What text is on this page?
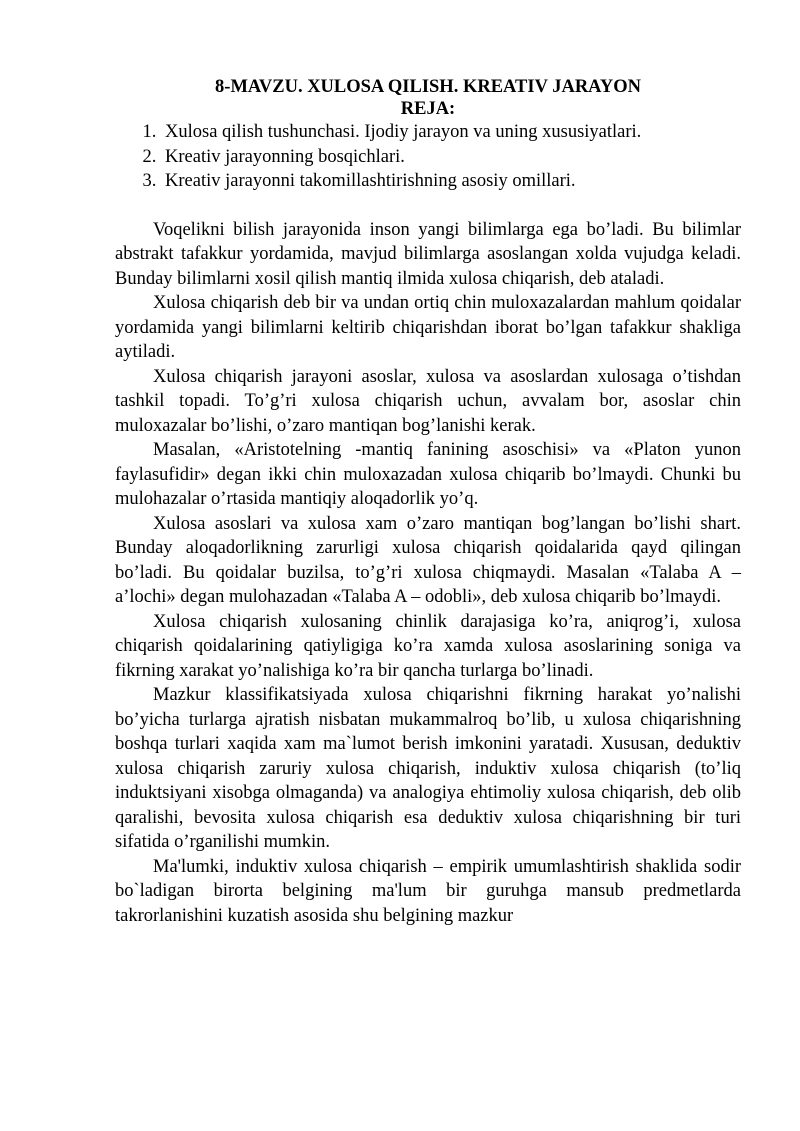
8-MAVZU. XULOSA QILISH. KREATIV JARAYON
REJA:
1. Xulosa qilish tushunchasi. Ijodiy jarayon va uning xususiyatlari.
2. Kreativ jarayonning bosqichlari.
3. Kreativ jarayonni takomillashtirishning asosiy omillari.

Voqelikni bilish jarayonida inson yangi bilimlarga ega bo’ladi. Bu bilimlar abstrakt tafakkur yordamida, mavjud bilimlarga asoslangan xolda vujudga keladi. Bunday bilimlarni xosil qilish mantiq ilmida xulosa chiqarish, deb ataladi.

Xulosa chiqarish deb bir va undan ortiq chin muloxazalardan mahlum qoidalar yordamida yangi bilimlarni keltirib chiqarishdan iborat bo’lgan tafakkur shakliga aytiladi.

Xulosa chiqarish jarayoni asoslar, xulosa va asoslardan xulosaga o’tishdan tashkil topadi. To’g’ri xulosa chiqarish uchun, avvalam bor, asoslar chin muloxazalar bo’lishi, o’zaro mantiqan bog’lanishi kerak.

Masalan, «Aristotelning -mantiq fanining asoschisi» va «Platon yunon faylasufidir» degan ikki chin muloxazadan xulosa chiqarib bo’lmaydi. Chunki bu mulohazalar o’rtasida mantiqiy aloqadorlik yo’q.

Xulosa asoslari va xulosa xam o’zaro mantiqan bog’langan bo’lishi shart. Bunday aloqadorlikning zarurligi xulosa chiqarish qoidalarida qayd qilingan bo’ladi. Bu qoidalar buzilsa, to’g’ri xulosa chiqmaydi. Masalan «Talaba A – a’lochi» degan mulohazadan «Talaba A – odobli», deb xulosa chiqarib bo’lmaydi.

Xulosa chiqarish xulosaning chinlik darajasiga ko’ra, aniqrog’i, xulosa chiqarish qoidalarining qatiyligiga ko’ra xamda xulosa asoslarining soniga va fikrning xarakat yo’nalishiga ko’ra bir qancha turlarga bo’linadi.

Mazkur klassifikatsiyada xulosa chiqarishni fikrning harakat yo’nalishi bo’yicha turlarga ajratish nisbatan mukammalroq bo’lib, u xulosa chiqarishning boshqa turlari xaqida xam ma`lumot berish imkonini yaratadi. Xususan, deduktiv xulosa chiqarish zaruriy xulosa chiqarish, induktiv xulosa chiqarish (to’liq induktsiyani xisobga olmaganda) va analogiya ehtimoliy xulosa chiqarish, deb olib qaralishi, bevosita xulosa chiqarish esa deduktiv xulosa chiqarishning bir turi sifatida o’rganilishi mumkin.

Ma'lumki, induktiv xulosa chiqarish – empirik umumlashtirish shaklida sodir bo`ladigan birorta belgining ma'lum bir guruhga mansub predmetlarda takrorlanishini kuzatish asosida shu belgining mazkur
